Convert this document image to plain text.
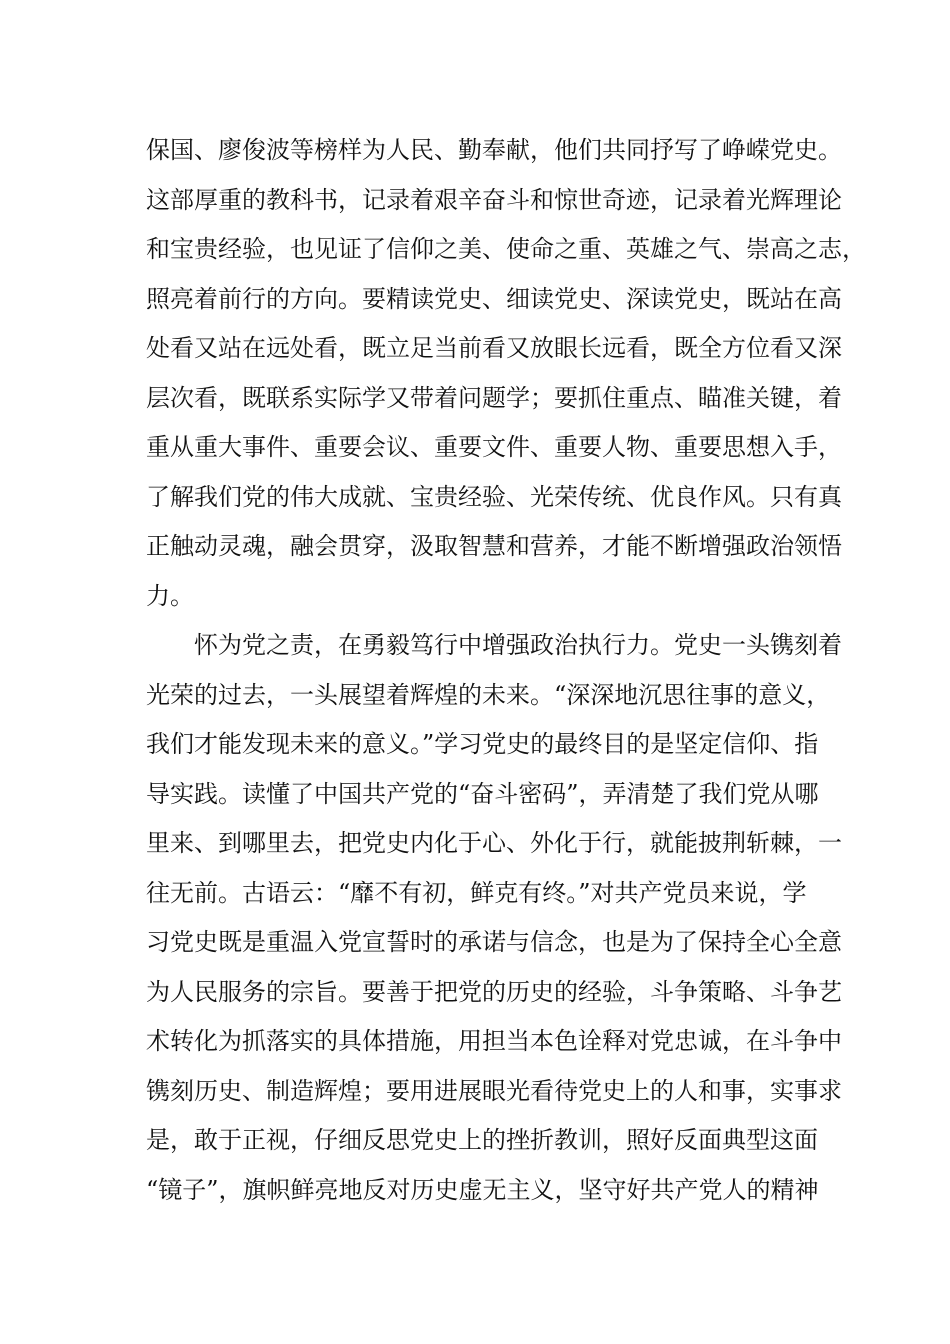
保国、廖俊波等榜样为人民、勤奉献，他们共同抒写了峥嵘党史。
这部厚重的教科书，记录着艰辛奋斗和惊世奇迹，记录着光辉理论
和宝贵经验，也见证了信仰之美、使命之重、英雄之气、崇高之志，
照亮着前行的方向。要精读党史、细读党史、深读党史，既站在高
处看又站在远处看，既立足当前看又放眼长远看，既全方位看又深
层次看，既联系实际学又带着问题学；要抓住重点、瞄准关键，着
重从重大事件、重要会议、重要文件、重要人物、重要思想入手，
了解我们党的伟大成就、宝贵经验、光荣传统、优良作风。只有真
正触动灵魂，融会贯穿，汲取智慧和营养，才能不断增强政治领悟
力。
怀为党之责，在勇毅笃行中增强政治执行力。党史一头镌刻着
光荣的过去，一头展望着辉煌的未来。“深深地沉思往事的意义，
我们才能发现未来的意义。”学习党史的最终目的是坚定信仰、指
导实践。读懂了中国共产党的“奋斗密码”，弄清楚了我们党从哪
里来、到哪里去，把党史内化于心、外化于行，就能披荆斩棘，一
往无前。古语云：“靡不有初，鲜克有终。”对共产党员来说，学
习党史既是重温入党宣誓时的承诺与信念，也是为了保持全心全意
为人民服务的宗旨。要善于把党的历史的经验，斗争策略、斗争艺
术转化为抓落实的具体措施，用担当本色诠释对党忠诚，在斗争中
镌刻历史、制造辉煌；要用进展眼光看待党史上的人和事，实事求
是，敢于正视，仔细反思党史上的挫折教训，照好反面典型这面
“镜子”，旗帜鲜亮地反对历史虚无主义，坚守好共产党人的精神
